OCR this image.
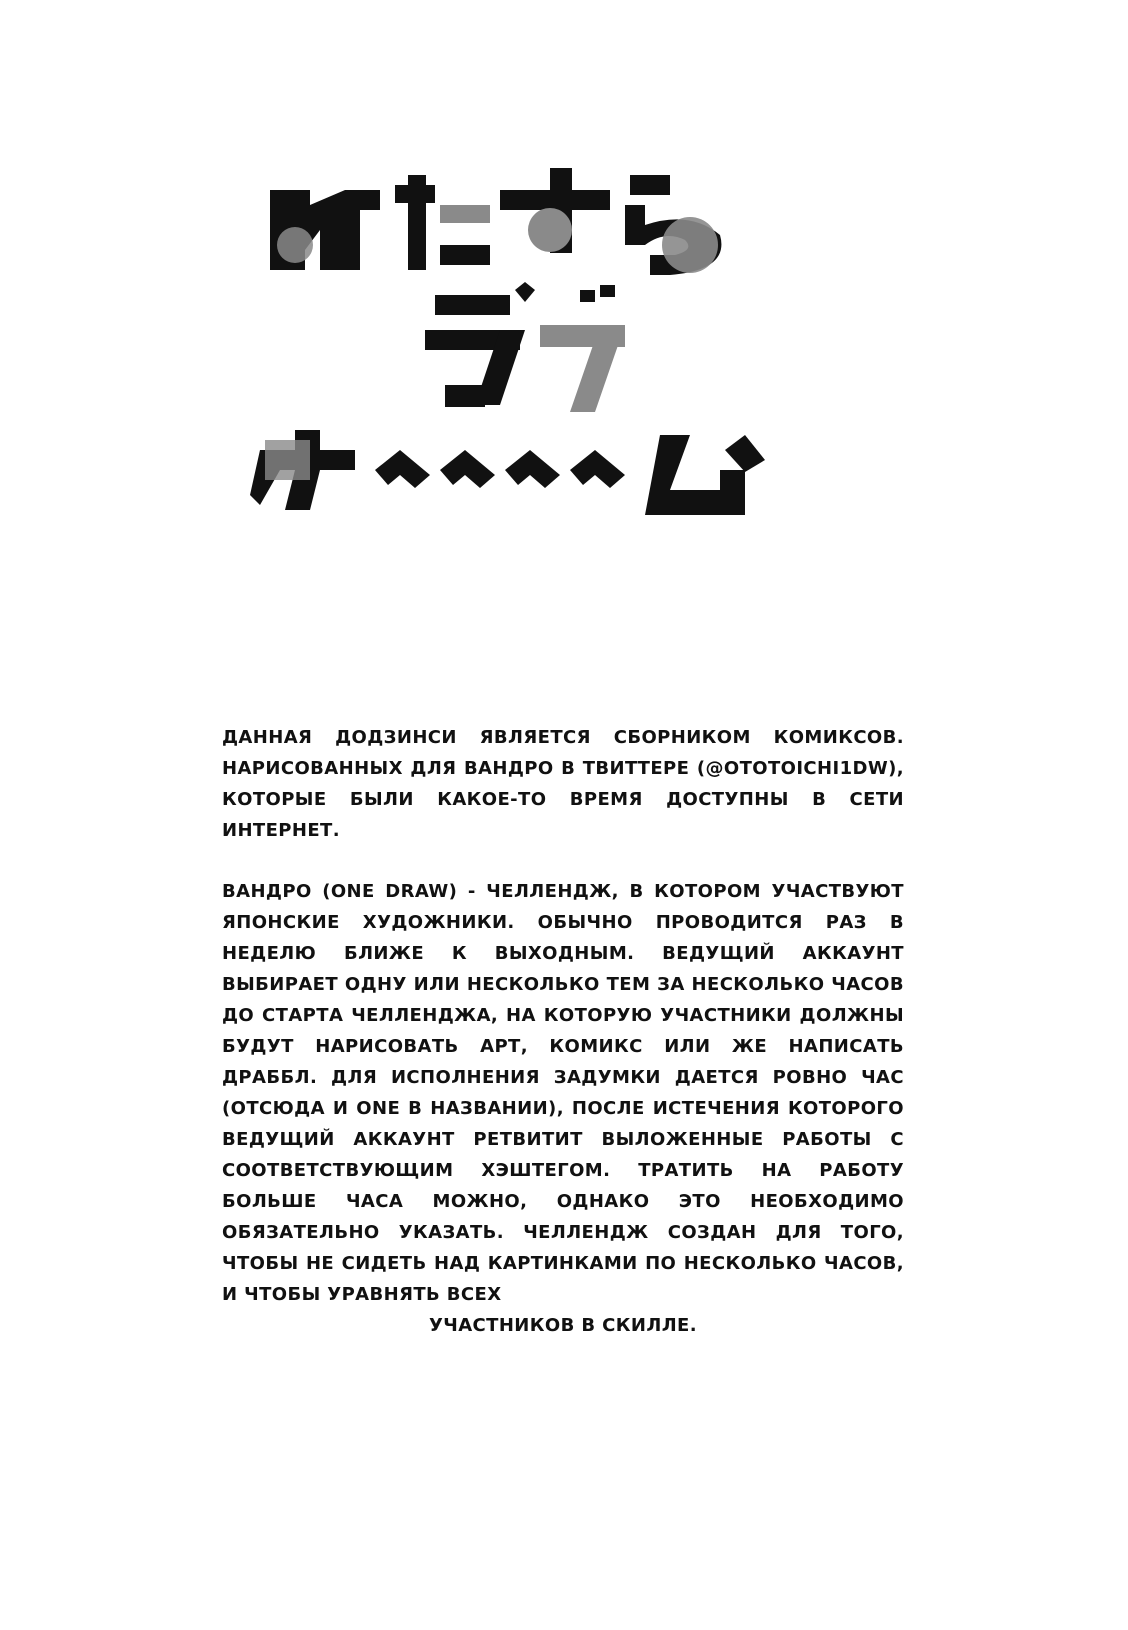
ДАННАЯ ДОДЗИНСИ ЯВЛЯЕТСЯ СБОРНИКОМ КОМИКСОВ. НАРИСОВАННЫХ ДЛЯ ВАНДРО В ТВИТТЕРЕ (@OTOTOICHI1DW), КОТОРЫЕ БЫЛИ КАКОЕ-ТО ВРЕМЯ ДОСТУПНЫ В СЕТИ ИНТЕРНЕТ.

ВАНДРО (ONE DRAW) - ЧЕЛЛЕНДЖ, В КОТОРОМ УЧАСТВУЮТ ЯПОНСКИЕ ХУДОЖНИКИ. ОБЫЧНО ПРОВОДИТСЯ РАЗ В НЕДЕЛЮ БЛИЖЕ К ВЫХОДНЫМ. ВЕДУЩИЙ АККАУНТ ВЫБИРАЕТ ОДНУ ИЛИ НЕСКОЛЬКО ТЕМ ЗА НЕСКОЛЬКО ЧАСОВ ДО СТАРТА ЧЕЛЛЕНДЖА, НА КОТОРУЮ УЧАСТНИКИ ДОЛЖНЫ БУДУТ НАРИСОВАТЬ АРТ, КОМИКС ИЛИ ЖЕ НАПИСАТЬ ДРАББЛ. ДЛЯ ИСПОЛНЕНИЯ ЗАДУМКИ ДАЕТСЯ РОВНО ЧАС (ОТСЮДА И ONE В НАЗВАНИИ), ПОСЛЕ ИСТЕЧЕНИЯ КОТОРОГО ВЕДУЩИЙ АККАУНТ РЕТВИТИТ ВЫЛОЖЕННЫЕ РАБОТЫ С СООТВЕТСТВУЮЩИМ ХЭШТЕГОМ. ТРАТИТЬ НА РАБОТУ БОЛЬШЕ ЧАСА МОЖНО, ОДНАКО ЭТО НЕОБХОДИМО ОБЯЗАТЕЛЬНО УКАЗАТЬ. ЧЕЛЛЕНДЖ СОЗДАН ДЛЯ ТОГО, ЧТОБЫ НЕ СИДЕТЬ НАД КАРТИНКАМИ ПО НЕСКОЛЬКО ЧАСОВ, И ЧТОБЫ УРАВНЯТЬ ВСЕХ
УЧАСТНИКОВ В СКИЛЛЕ.
